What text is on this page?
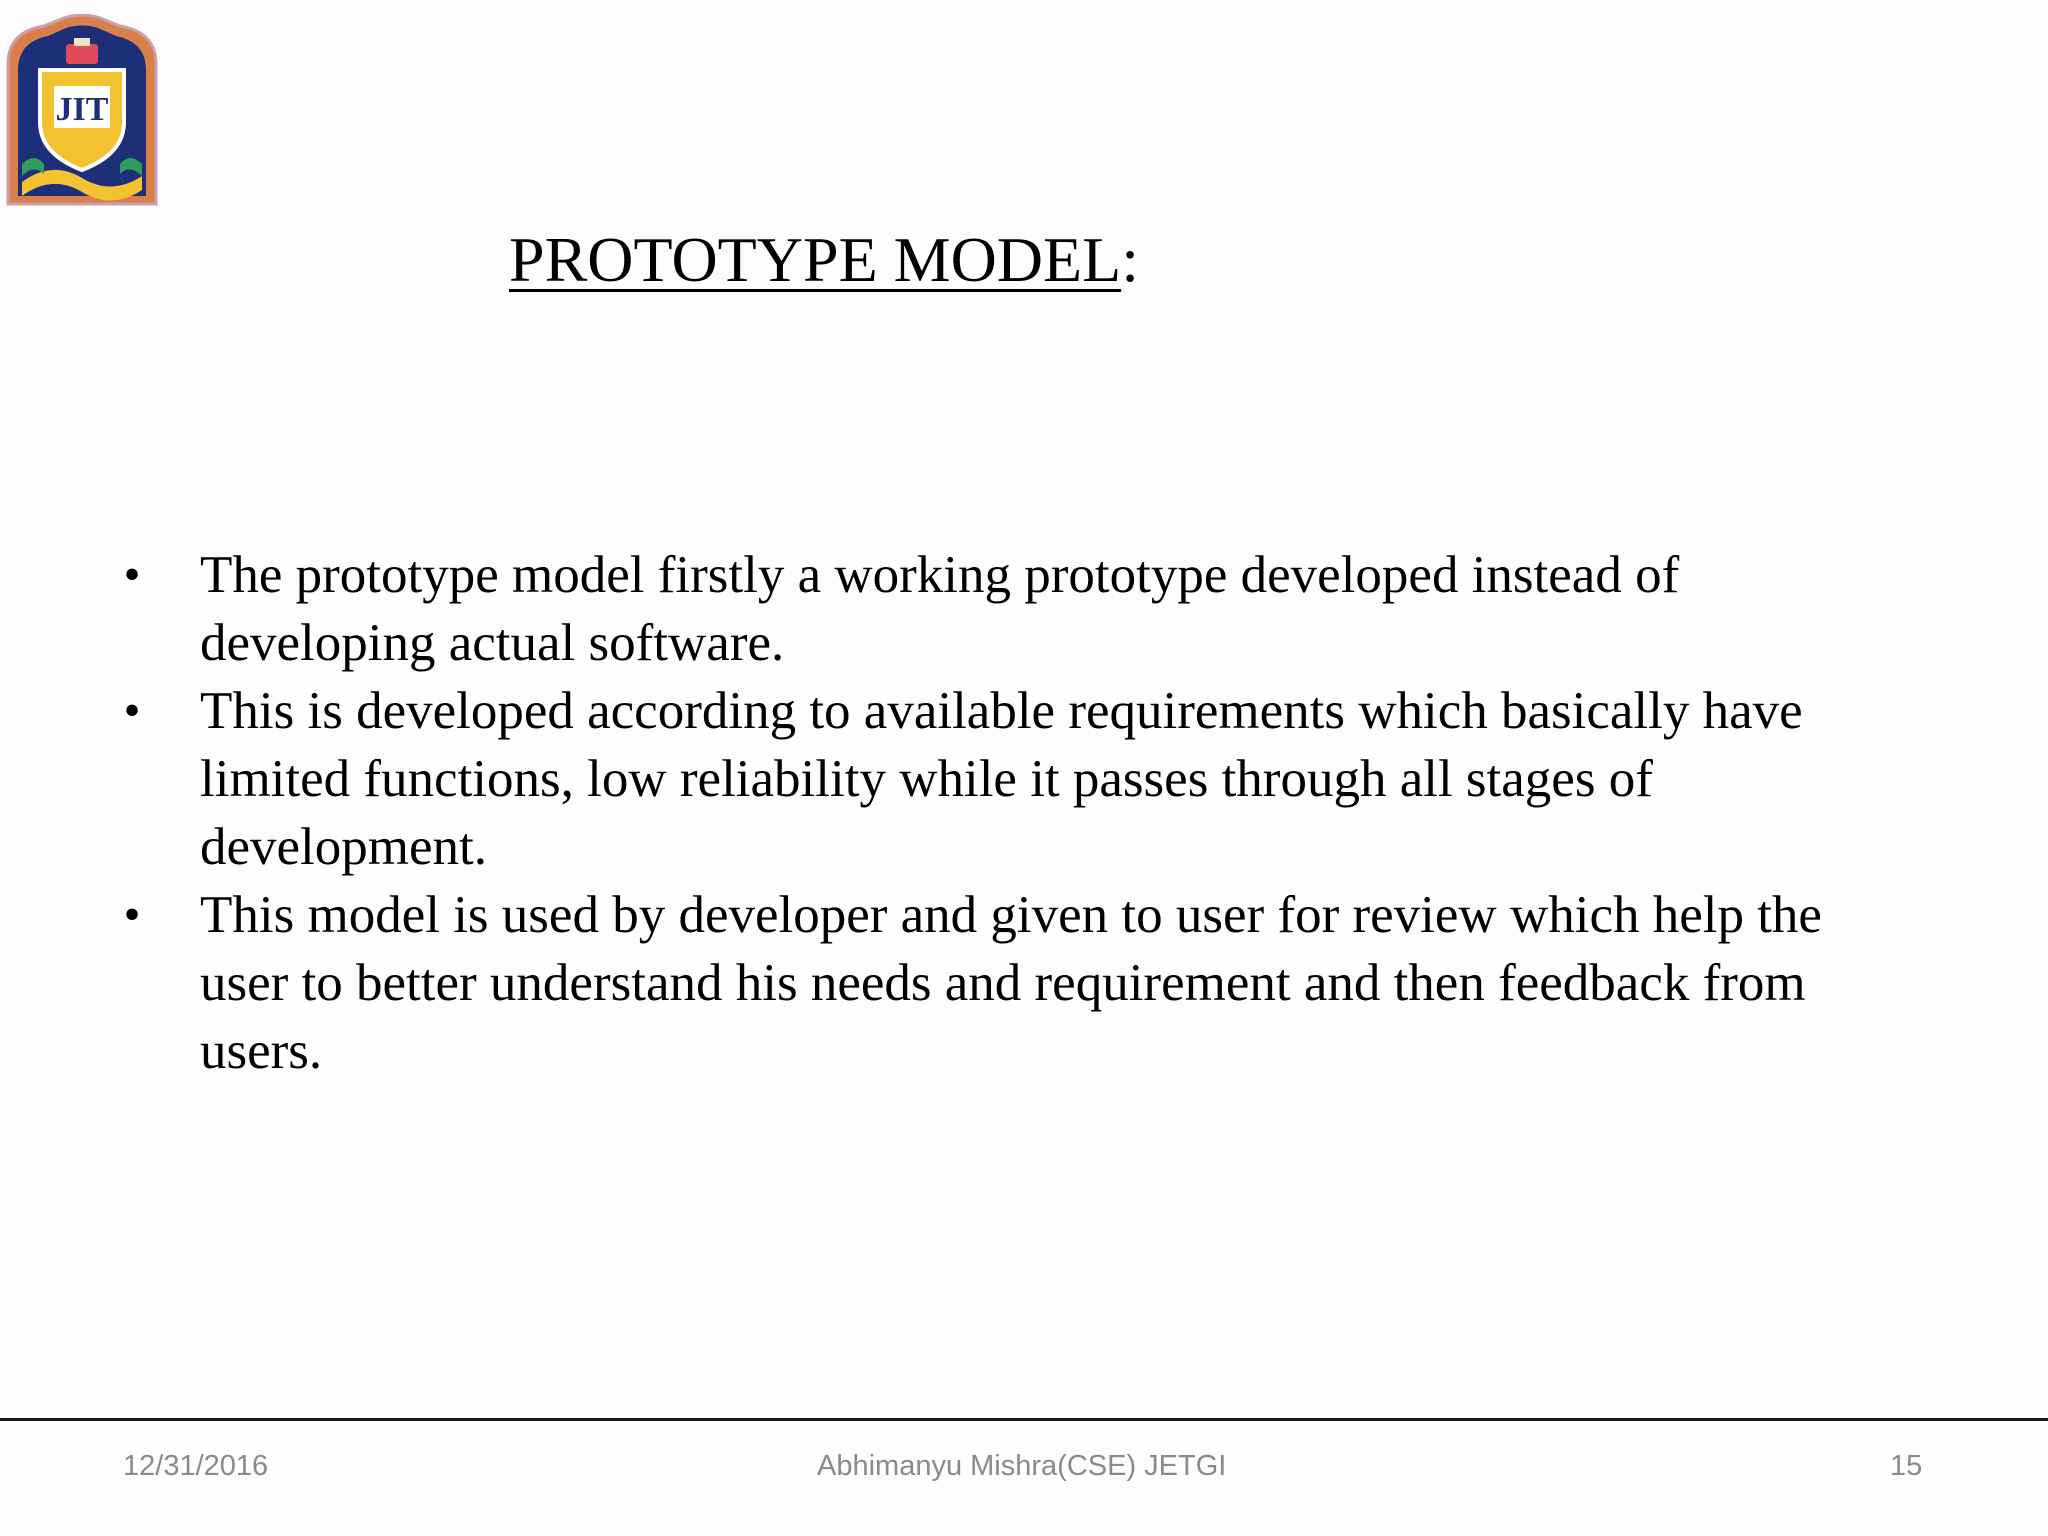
JIT
PROTOTYPE MODEL:
• The prototype model firstly a working prototype developed instead of developing actual software.
• This is developed according to available requirements which basically have limited functions, low reliability while it passes through all stages of development.
• This model is used by developer and given to user for review which help the user to better understand his needs and requirement and then feedback from users.
12/31/2016	Abhimanyu Mishra(CSE) JETGI	15
